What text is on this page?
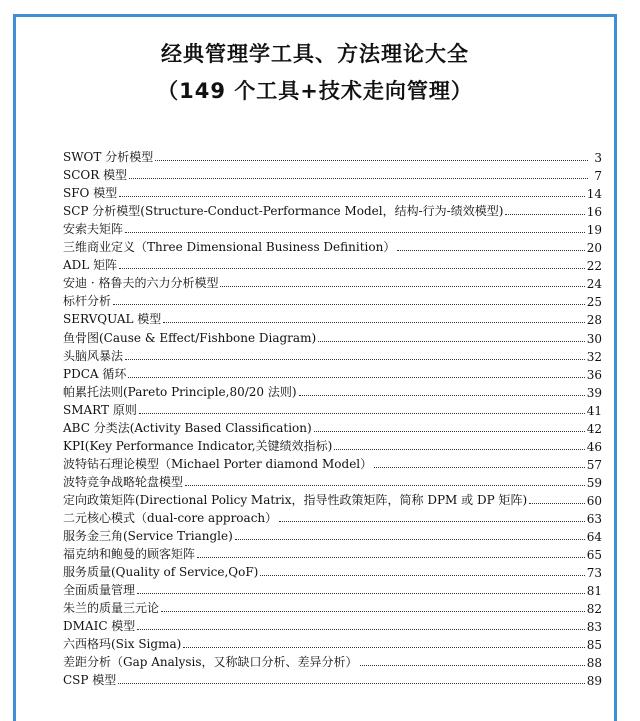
经典管理学工具、方法理论大全
（149 个工具+技术走向管理）
SWOT 分析模型	3
SCOR 模型	7
SFO 模型	14
SCP 分析模型(Structure-Conduct-Performance Model，结构-行为-绩效模型)	16
安索夫矩阵	19
三维商业定义（Three Dimensional Business Definition）	20
ADL 矩阵	22
安迪 · 格鲁夫的六力分析模型	24
标杆分析	25
SERVQUAL 模型	28
鱼骨图(Cause & Effect/Fishbone Diagram)	30
头脑风暴法	32
PDCA 循环	36
帕累托法则(Pareto Principle,80/20 法则)	39
SMART 原则	41
ABC 分类法(Activity Based Classification)	42
KPI(Key Performance Indicator,关键绩效指标)	46
波特钻石理论模型（Michael Porter diamond Model）	57
波特竞争战略轮盘模型	59
定向政策矩阵(Directional Policy Matrix，指导性政策矩阵，简称 DPM 或 DP 矩阵)	60
二元核心模式（dual-core approach）	63
服务金三角(Service Triangle)	64
福克纳和鲍曼的顾客矩阵	65
服务质量(Quality of Service,QoF)	73
全面质量管理	81
朱兰的质量三元论	82
DMAIC 模型	83
六西格玛(Six Sigma)	85
差距分析（Gap Analysis，又称缺口分析、差异分析）	88
CSP 模型	89
